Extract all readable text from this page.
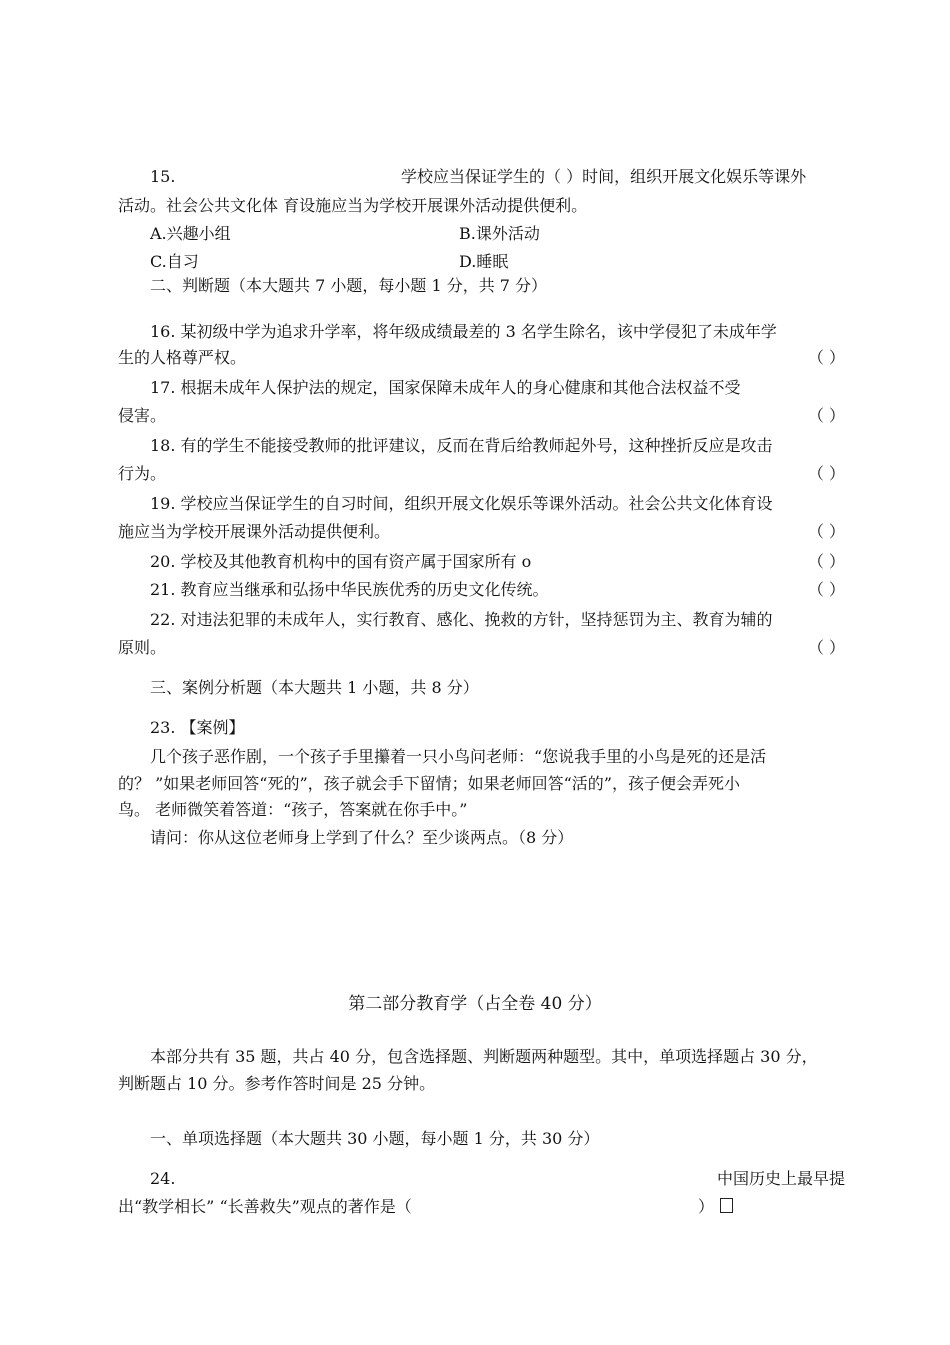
15.	学校应当保证学生的（ ）时间，组织开展文化娱乐等课外
活动。社会公共文化体 育设施应当为学校开展课外活动提供便利。
A.兴趣小组	B.课外活动
C.自习	D.睡眠
二、判断题（本大题共 7 小题，每小题 1 分，共 7 分）
16. 某初级中学为追求升学率，将年级成绩最差的 3 名学生除名，该中学侵犯了未成年学
生的人格尊严权。	（ ）
17. 根据未成年人保护法的规定，国家保障未成年人的身心健康和其他合法权益不受
侵害。	（ ）
18. 有的学生不能接受教师的批评建议，反而在背后给教师起外号，这种挫折反应是攻击
行为。	（ ）
19. 学校应当保证学生的自习时间，组织开展文化娱乐等课外活动。社会公共文化体育设
施应当为学校开展课外活动提供便利。	（ ）
20. 学校及其他教育机构中的国有资产属于国家所有 o	（ ）
21. 教育应当继承和弘扬中华民族优秀的历史文化传统。	（ ）
22. 对违法犯罪的未成年人，实行教育、感化、挽救的方针，坚持惩罚为主、教育为辅的
原则。	（ ）
三、案例分析题（本大题共 1 小题，共 8 分）
23. 【案例】
几个孩子恶作剧，一个孩子手里攥着一只小鸟问老师：“您说我手里的小鸟是死的还是活
的？ ”如果老师回答“死的”，孩子就会手下留情；如果老师回答“活的”，孩子便会弄死小
鸟。 老师微笑着答道：“孩子，答案就在你手中。”
请问：你从这位老师身上学到了什么？至少谈两点。（8 分）
第二部分教育学（占全卷 40 分）
本部分共有 35 题，共占 40 分，包含选择题、判断题两种题型。其中，单项选择题占 30 分，
判断题占 10 分。参考作答时间是 25 分钟。
一、单项选择题（本大题共 30 小题，每小题 1 分，共 30 分）
24.	中国历史上最早提
出“教学相长” “长善救失”观点的著作是（	）
